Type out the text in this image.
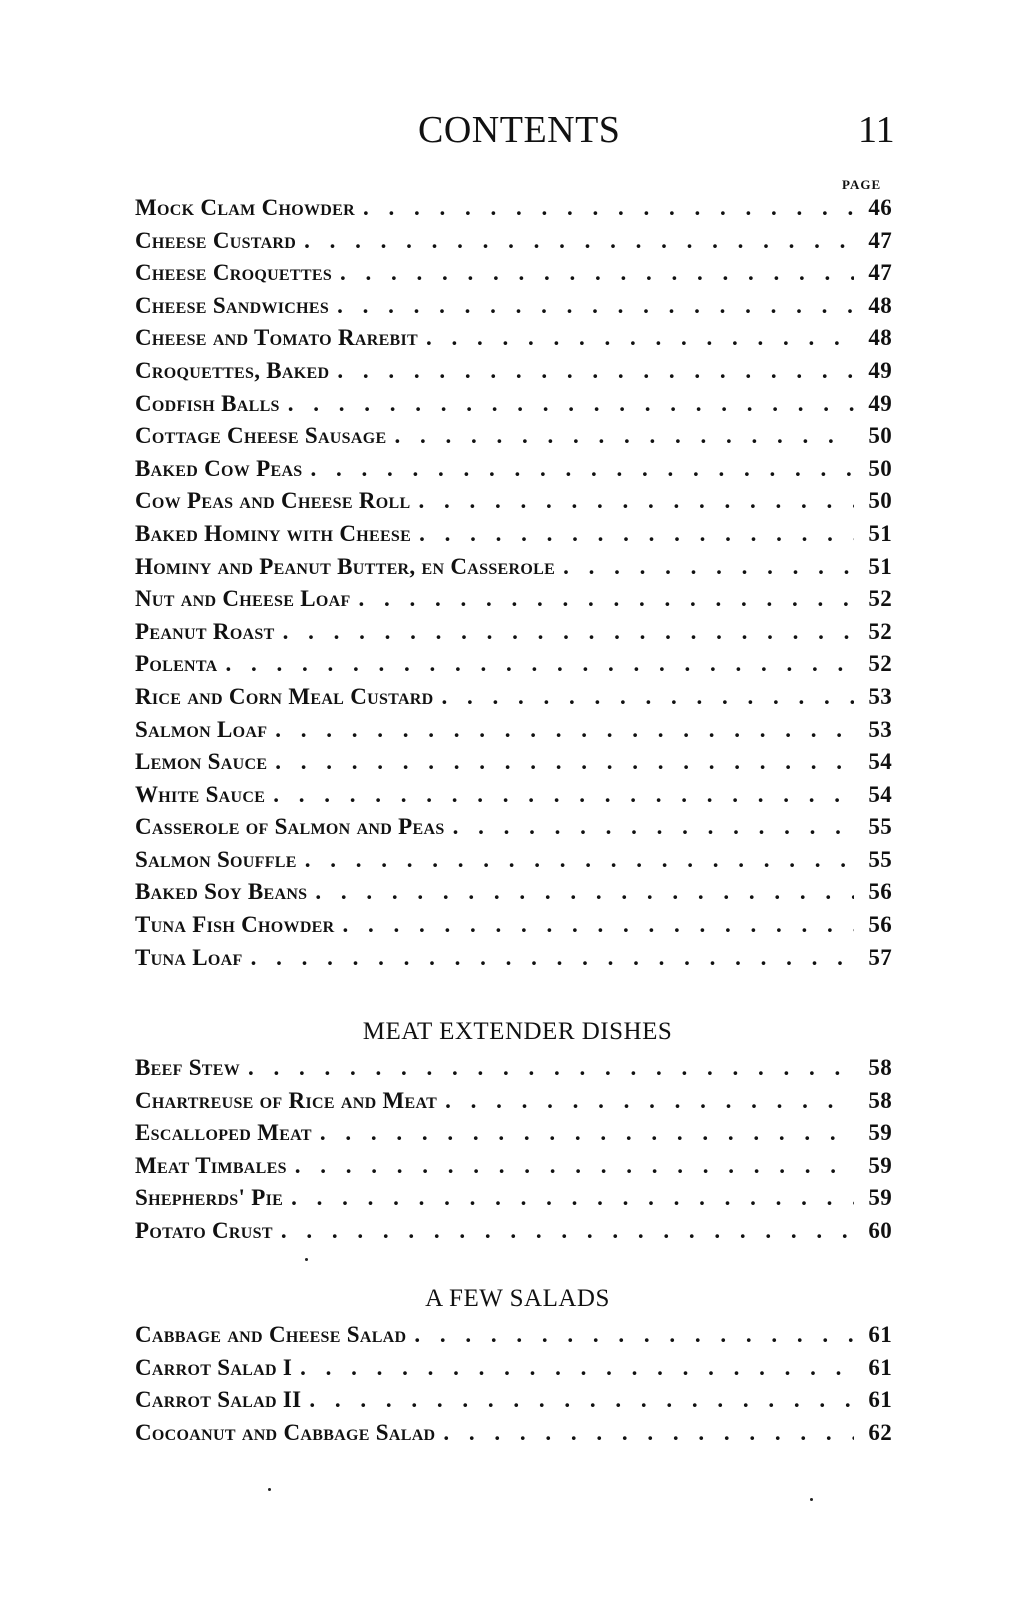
CONTENTS	11
PAGE
Mock Clam Chowder . . .	46
Cheese Custard . . .	47
Cheese Croquettes . . .	47
Cheese Sandwiches . . .	48
Cheese and Tomato Rarebit . . .	48
Croquettes, Baked . . .	49
Codfish Balls . . .	49
Cottage Cheese Sausage . . .	50
Baked Cow Peas . . .	50
Cow Peas and Cheese Roll . . .	50
Baked Hominy with Cheese . . .	51
Hominy and Peanut Butter, en Casserole . . .	51
Nut and Cheese Loaf . . .	52
Peanut Roast . . .	52
Polenta . . .	52
Rice and Corn Meal Custard . . .	53
Salmon Loaf . . .	53
Lemon Sauce . . .	54
White Sauce . . .	54
Casserole of Salmon and Peas . . .	55
Salmon Souffle . . .	55
Baked Soy Beans . . .	56
Tuna Fish Chowder . . .	56
Tuna Loaf . . .	57
MEAT EXTENDER DISHES
Beef Stew . . .	58
Chartreuse of Rice and Meat . . .	58
Escalloped Meat . . .	59
Meat Timbales . . .	59
Shepherds' Pie . . .	59
Potato Crust . . .	60
A FEW SALADS
Cabbage and Cheese Salad . . .	61
Carrot Salad I . . .	61
Carrot Salad II . . .	61
Cocoanut and Cabbage Salad . . .	62
